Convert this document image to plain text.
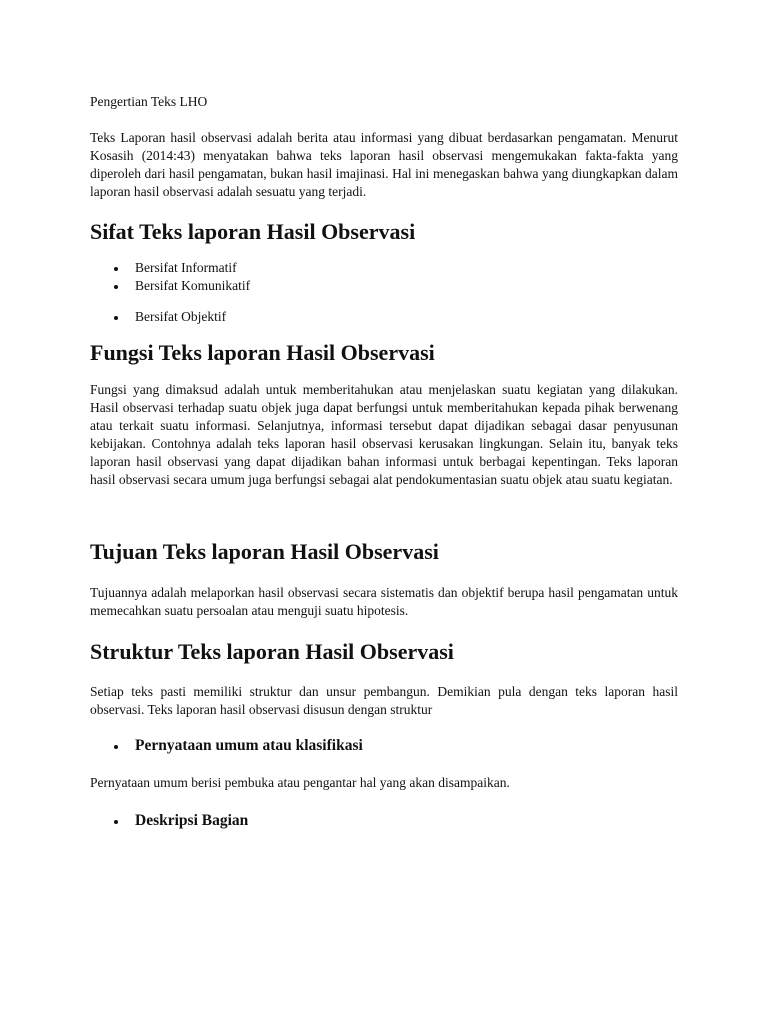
Pengertian Teks LHO

Teks Laporan hasil observasi adalah berita atau informasi yang dibuat berdasarkan pengamatan. Menurut Kosasih (2014:43) menyatakan bahwa teks laporan hasil observasi mengemukakan fakta-fakta yang diperoleh dari hasil pengamatan, bukan hasil imajinasi. Hal ini menegaskan bahwa yang diungkapkan dalam laporan hasil observasi adalah sesuatu yang terjadi.

Sifat Teks laporan Hasil Observasi
Bersifat Informatif
Bersifat Komunikatif
Bersifat Objektif
Fungsi Teks laporan Hasil Observasi

Fungsi yang dimaksud adalah untuk memberitahukan atau menjelaskan suatu kegiatan yang dilakukan. Hasil observasi terhadap suatu objek juga dapat berfungsi untuk memberitahukan kepada pihak berwenang atau terkait suatu informasi. Selanjutnya, informasi tersebut dapat dijadikan sebagai dasar penyusunan kebijakan. Contohnya adalah teks laporan hasil observasi kerusakan lingkungan. Selain itu, banyak teks laporan hasil observasi yang dapat dijadikan bahan informasi untuk berbagai kepentingan. Teks laporan hasil observasi secara umum juga berfungsi sebagai alat pendokumentasian suatu objek atau suatu kegiatan.

Tujuan Teks laporan Hasil Observasi

Tujuannya adalah melaporkan hasil observasi secara sistematis dan objektif berupa hasil pengamatan untuk memecahkan suatu persoalan atau menguji suatu hipotesis.

Struktur Teks laporan Hasil Observasi

Setiap teks pasti memiliki struktur dan unsur pembangun. Demikian pula dengan teks laporan hasil observasi. Teks laporan hasil observasi disusun dengan struktur

Pernyataan umum atau klasifikasi

Pernyataan umum berisi pembuka atau pengantar hal yang akan disampaikan.

Deskripsi Bagian
